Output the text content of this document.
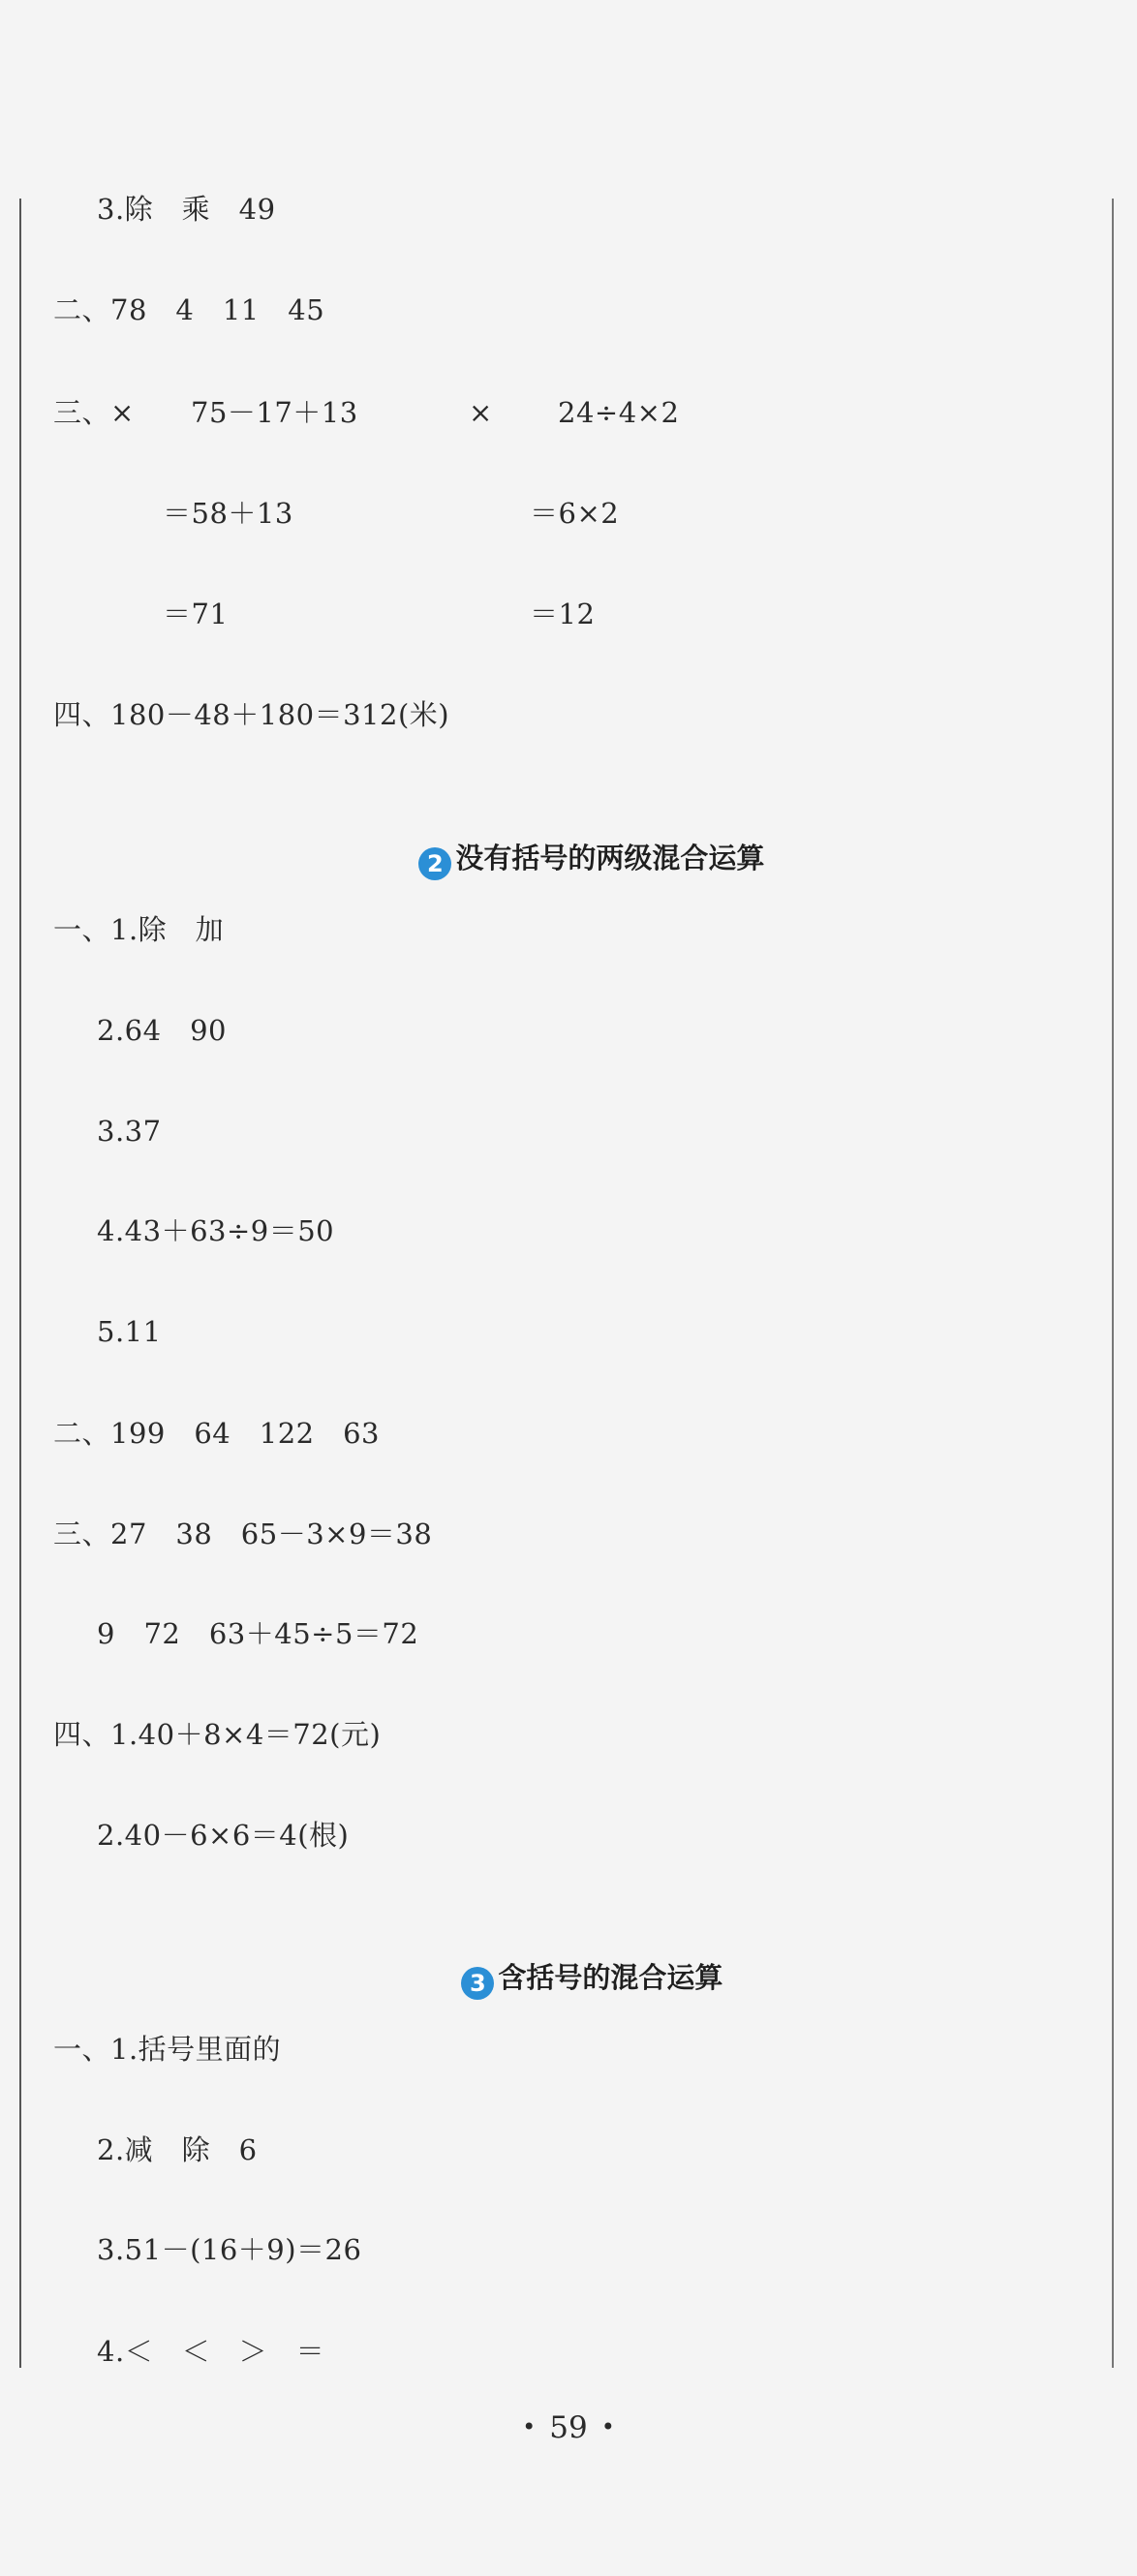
3.除　乘　49
二、78　4　11　45
三、× 75－17＋13	× 24÷4×2
＝58＋13	＝6×2
＝71	＝12
四、180－48＋180＝312(米)

2 没有括号的两级混合运算

一、1.除　加
2.64　90
3.37
4.43＋63÷9＝50
5.11
二、199　64　122　63
三、27　38　65－3×9＝38
9　72　63＋45÷5＝72
四、1.40＋8×4＝72(元)
2.40－6×6＝4(根)

3 含括号的混合运算

一、1.括号里面的
2.减　除　6
3.51－(16＋9)＝26
4.＜　＜　＞　＝
• 59 •
